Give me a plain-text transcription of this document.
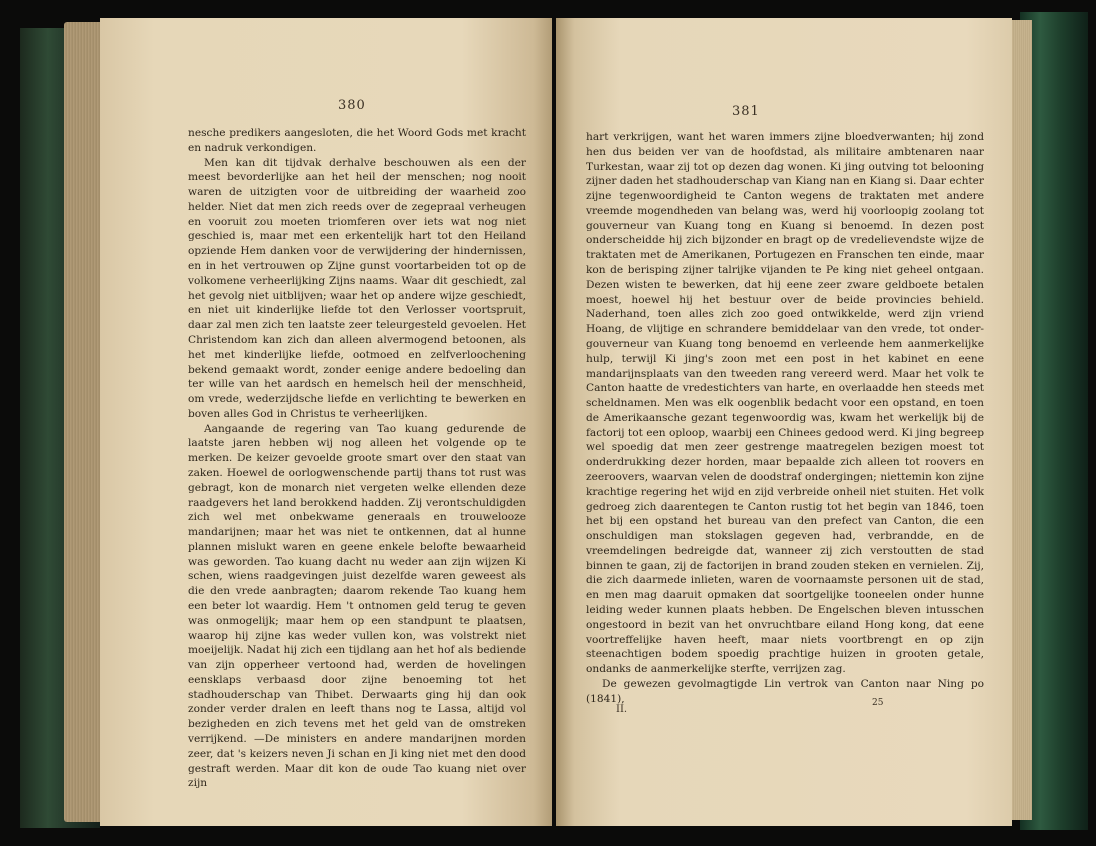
380

nesche predikers aangesloten, die het Woord Gods met kracht en nadruk verkondigen.

Men kan dit tijdvak derhalve beschouwen als een der meest bevorderlijke aan het heil der menschen; nog nooit waren de uitzigten voor de uitbreiding der waarheid zoo helder. Niet dat men zich reeds over de zegepraal verheugen en vooruit zou moeten triomferen over iets wat nog niet geschied is, maar met een erkentelijk hart tot den Heiland opziende Hem danken voor de verwijdering der hindernissen, en in het vertrouwen op Zijne gunst voortarbeiden tot op de volkomene verheerlijking Zijns naams. Waar dit geschiedt, zal het gevolg niet uitblijven; waar het op andere wijze geschiedt, en niet uit kinderlijke liefde tot den Verlosser voortspruit, daar zal men zich ten laatste zeer teleurgesteld gevoelen. Het Christendom kan zich dan alleen alvermogend betoonen, als het met kinderlijke liefde, ootmoed en zelfverloochening bekend gemaakt wordt, zonder eenige andere bedoeling dan ter wille van het aardsch en hemelsch heil der menschheid, om vrede, wederzijdsche liefde en verlichting te bewerken en boven alles God in Christus te verheerlijken.

Aangaande de regering van Tao kuang gedurende de laatste jaren hebben wij nog alleen het volgende op te merken. De keizer gevoelde groote smart over den staat van zaken. Hoewel de oorlogwenschende partij thans tot rust was gebragt, kon de monarch niet vergeten welke ellenden deze raadgevers het land berokkend hadden. Zij verontschuldigden zich wel met onbekwame generaals en trouwelooze mandarijnen; maar het was niet te ontkennen, dat al hunne plannen mislukt waren en geene enkele belofte bewaarheid was geworden. Tao kuang dacht nu weder aan zijn wijzen Ki schen, wiens raadgevingen juist dezelfde waren geweest als die den vrede aanbragten; daarom rekende Tao kuang hem een beter lot waardig. Hem 't ontnomen geld terug te geven was onmogelijk; maar hem op een standpunt te plaatsen, waarop hij zijne kas weder vullen kon, was volstrekt niet moeijelijk. Nadat hij zich een tijdlang aan het hof als bediende van zijn opperheer vertoond had, werden de hovelingen eensklaps verbaasd door zijne benoeming tot het stadhouderschap van Thibet. Derwaarts ging hij dan ook zonder verder dralen en leeft thans nog te Lassa, altijd vol bezigheden en zich tevens met het geld van de omstreken verrijkend. —De ministers en andere mandarijnen morden zeer, dat 's keizers neven Ji schan en Ji king niet met den dood gestraft werden. Maar dit kon de oude Tao kuang niet over zijn

381

hart verkrijgen, want het waren immers zijne bloedverwanten; hij zond hen dus beiden ver van de hoofdstad, als militaire ambtenaren naar Turkestan, waar zij tot op dezen dag wonen. Ki jing outving tot belooning zijner daden het stadhouderschap van Kiang nan en Kiang si. Daar echter zijne tegenwoordigheid te Canton wegens de traktaten met andere vreemde mogendheden van belang was, werd hij voorloopig zoolang tot gouverneur van Kuang tong en Kuang si benoemd. In dezen post onderscheidde hij zich bijzonder en bragt op de vredelievendste wijze de traktaten met de Amerikanen, Portugezen en Franschen ten einde, maar kon de berisping zijner talrijke vijanden te Pe king niet geheel ontgaan. Dezen wisten te bewerken, dat hij eene zeer zware geldboete betalen moest, hoewel hij het bestuur over de beide provincies behield. Naderhand, toen alles zich zoo goed ontwikkelde, werd zijn vriend Hoang, de vlijtige en schrandere bemiddelaar van den vrede, tot onder-gouverneur van Kuang tong benoemd en verleende hem aanmerkelijke hulp, terwijl Ki jing's zoon met een post in het kabinet en eene mandarijnsplaats van den tweeden rang vereerd werd. Maar het volk te Canton haatte de vredestichters van harte, en overlaadde hen steeds met scheldnamen. Men was elk oogenblik bedacht voor een opstand, en toen de Amerikaansche gezant tegenwoordig was, kwam het werkelijk bij de factorij tot een oploop, waarbij een Chinees gedood werd. Ki jing begreep wel spoedig dat men zeer gestrenge maatregelen bezigen moest tot onderdrukking dezer horden, maar bepaalde zich alleen tot roovers en zeeroovers, waarvan velen de doodstraf ondergingen; niettemin kon zijne krachtige regering het wijd en zijd verbreide onheil niet stuiten. Het volk gedroeg zich daarentegen te Canton rustig tot het begin van 1846, toen het bij een opstand het bureau van den prefect van Canton, die een onschuldigen man stokslagen gegeven had, verbrandde, en de vreemdelingen bedreigde dat, wanneer zij zich verstoutten de stad binnen te gaan, zij de factorijen in brand zouden steken en vernielen. Zij, die zich daarmede inlieten, waren de voornaamste personen uit de stad, en men mag daaruit opmaken dat soortgelijke tooneelen onder hunne leiding weder kunnen plaats hebben. De Engelschen bleven intusschen ongestoord in bezit van het onvruchtbare eiland Hong kong, dat eene voortreffelijke haven heeft, maar niets voortbrengt en op zijn steenachtigen bodem spoedig prachtige huizen in grooten getale, ondanks de aanmerkelijke sterfte, verrijzen zag.

De gewezen gevolmagtigde Lin vertrok van Canton naar Ning po (1841),

II.
25
